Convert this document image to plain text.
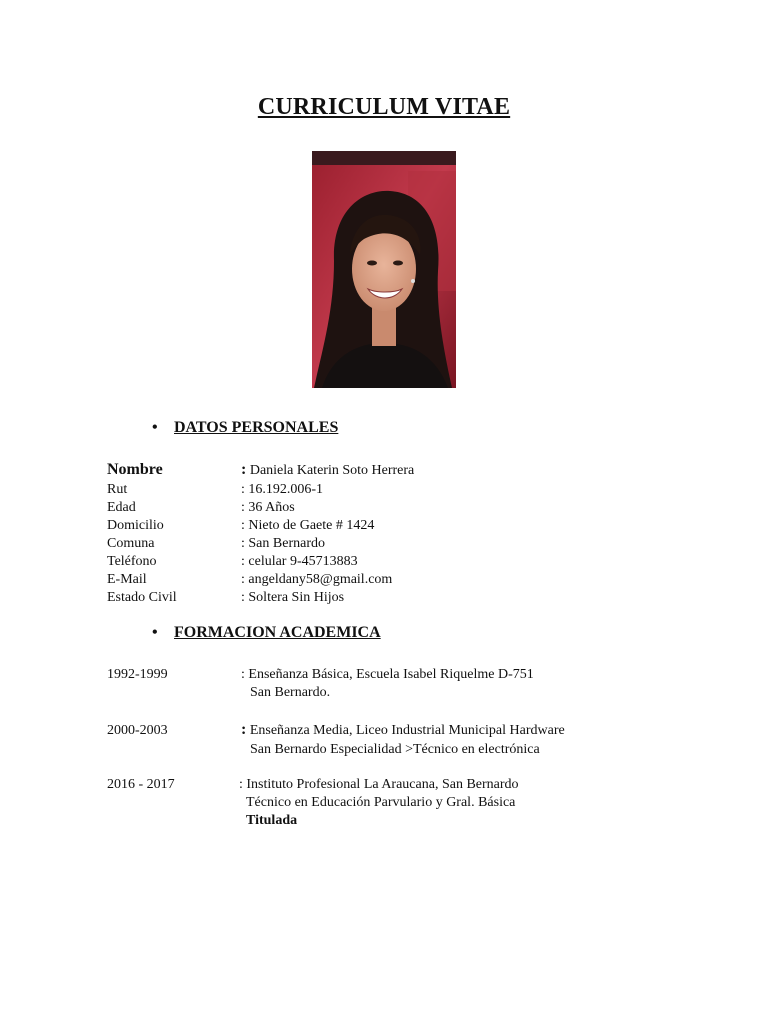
CURRICULUM VITAE
•	DATOS PERSONALES
Nombre	: Daniela Katerin Soto Herrera
Rut	: 16.192.006-1
Edad	: 36 Años
Domicilio	: Nieto de Gaete # 1424
Comuna	: San Bernardo
Teléfono	: celular 9-45713883
E-Mail	: angeldany58@gmail.com
Estado Civil	: Soltera Sin Hijos
•	FORMACION ACADEMICA
1992-1999	: Enseñanza Básica, Escuela Isabel Riquelme D-751
San Bernardo.
2000-2003	: Enseñanza Media, Liceo Industrial Municipal Hardware
San Bernardo Especialidad >Técnico en electrónica
2016 - 2017	: Instituto Profesional La Araucana, San Bernardo
Técnico en Educación Parvulario y Gral. Básica
Titulada
